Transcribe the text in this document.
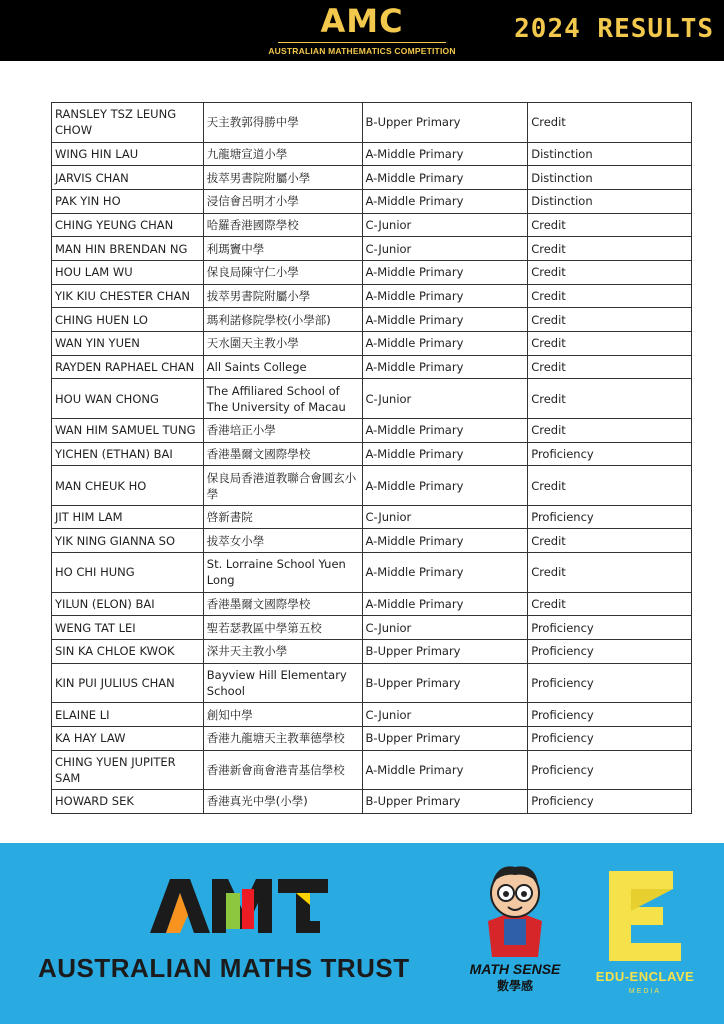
AMC
AUSTRALIAN MATHEMATICS COMPETITION
2024 RESULTS
RANSLEY TSZ LEUNG CHOW	天主教郭得勝中學	B-Upper Primary	Credit
WING HIN LAU	九龍塘宣道小學	A-Middle Primary	Distinction
JARVIS CHAN	拔萃男書院附屬小學	A-Middle Primary	Distinction
PAK YIN HO	浸信會呂明才小學	A-Middle Primary	Distinction
CHING YEUNG CHAN	哈羅香港國際學校	C-Junior	Credit
MAN HIN BRENDAN NG	利瑪竇中學	C-Junior	Credit
HOU LAM WU	保良局陳守仁小學	A-Middle Primary	Credit
YIK KIU CHESTER CHAN	拔萃男書院附屬小學	A-Middle Primary	Credit
CHING HUEN LO	瑪利諾修院學校(小學部)	A-Middle Primary	Credit
WAN YIN YUEN	天水圍天主教小學	A-Middle Primary	Credit
RAYDEN RAPHAEL CHAN	All Saints College	A-Middle Primary	Credit
HOU WAN CHONG	The Affiliared School of The University of Macau	C-Junior	Credit
WAN HIM SAMUEL TUNG	香港培正小學	A-Middle Primary	Credit
YICHEN (ETHAN) BAI	香港墨爾文國際學校	A-Middle Primary	Proficiency
MAN CHEUK HO	保良局香港道教聯合會圓玄小學	A-Middle Primary	Credit
JIT HIM LAM	啓新書院	C-Junior	Proficiency
YIK NING GIANNA SO	拔萃女小學	A-Middle Primary	Credit
HO CHI HUNG	St. Lorraine School Yuen Long	A-Middle Primary	Credit
YILUN (ELON) BAI	香港墨爾文國際學校	A-Middle Primary	Credit
WENG TAT LEI	聖若瑟教區中學第五校	C-Junior	Proficiency
SIN KA CHLOE KWOK	深井天主教小學	B-Upper Primary	Proficiency
KIN PUI JULIUS CHAN	Bayview Hill Elementary School	B-Upper Primary	Proficiency
ELAINE LI	創知中學	C-Junior	Proficiency
KA HAY LAW	香港九龍塘天主教華德學校	B-Upper Primary	Proficiency
CHING YUEN JUPITER SAM	香港新會商會港青基信學校	A-Middle Primary	Proficiency
HOWARD SEK	香港真光中學(小學)	B-Upper Primary	Proficiency
AUSTRALIAN MATHS TRUST	MATH SENSE
數學感
EDU-ENCLAVE
MEDIA
